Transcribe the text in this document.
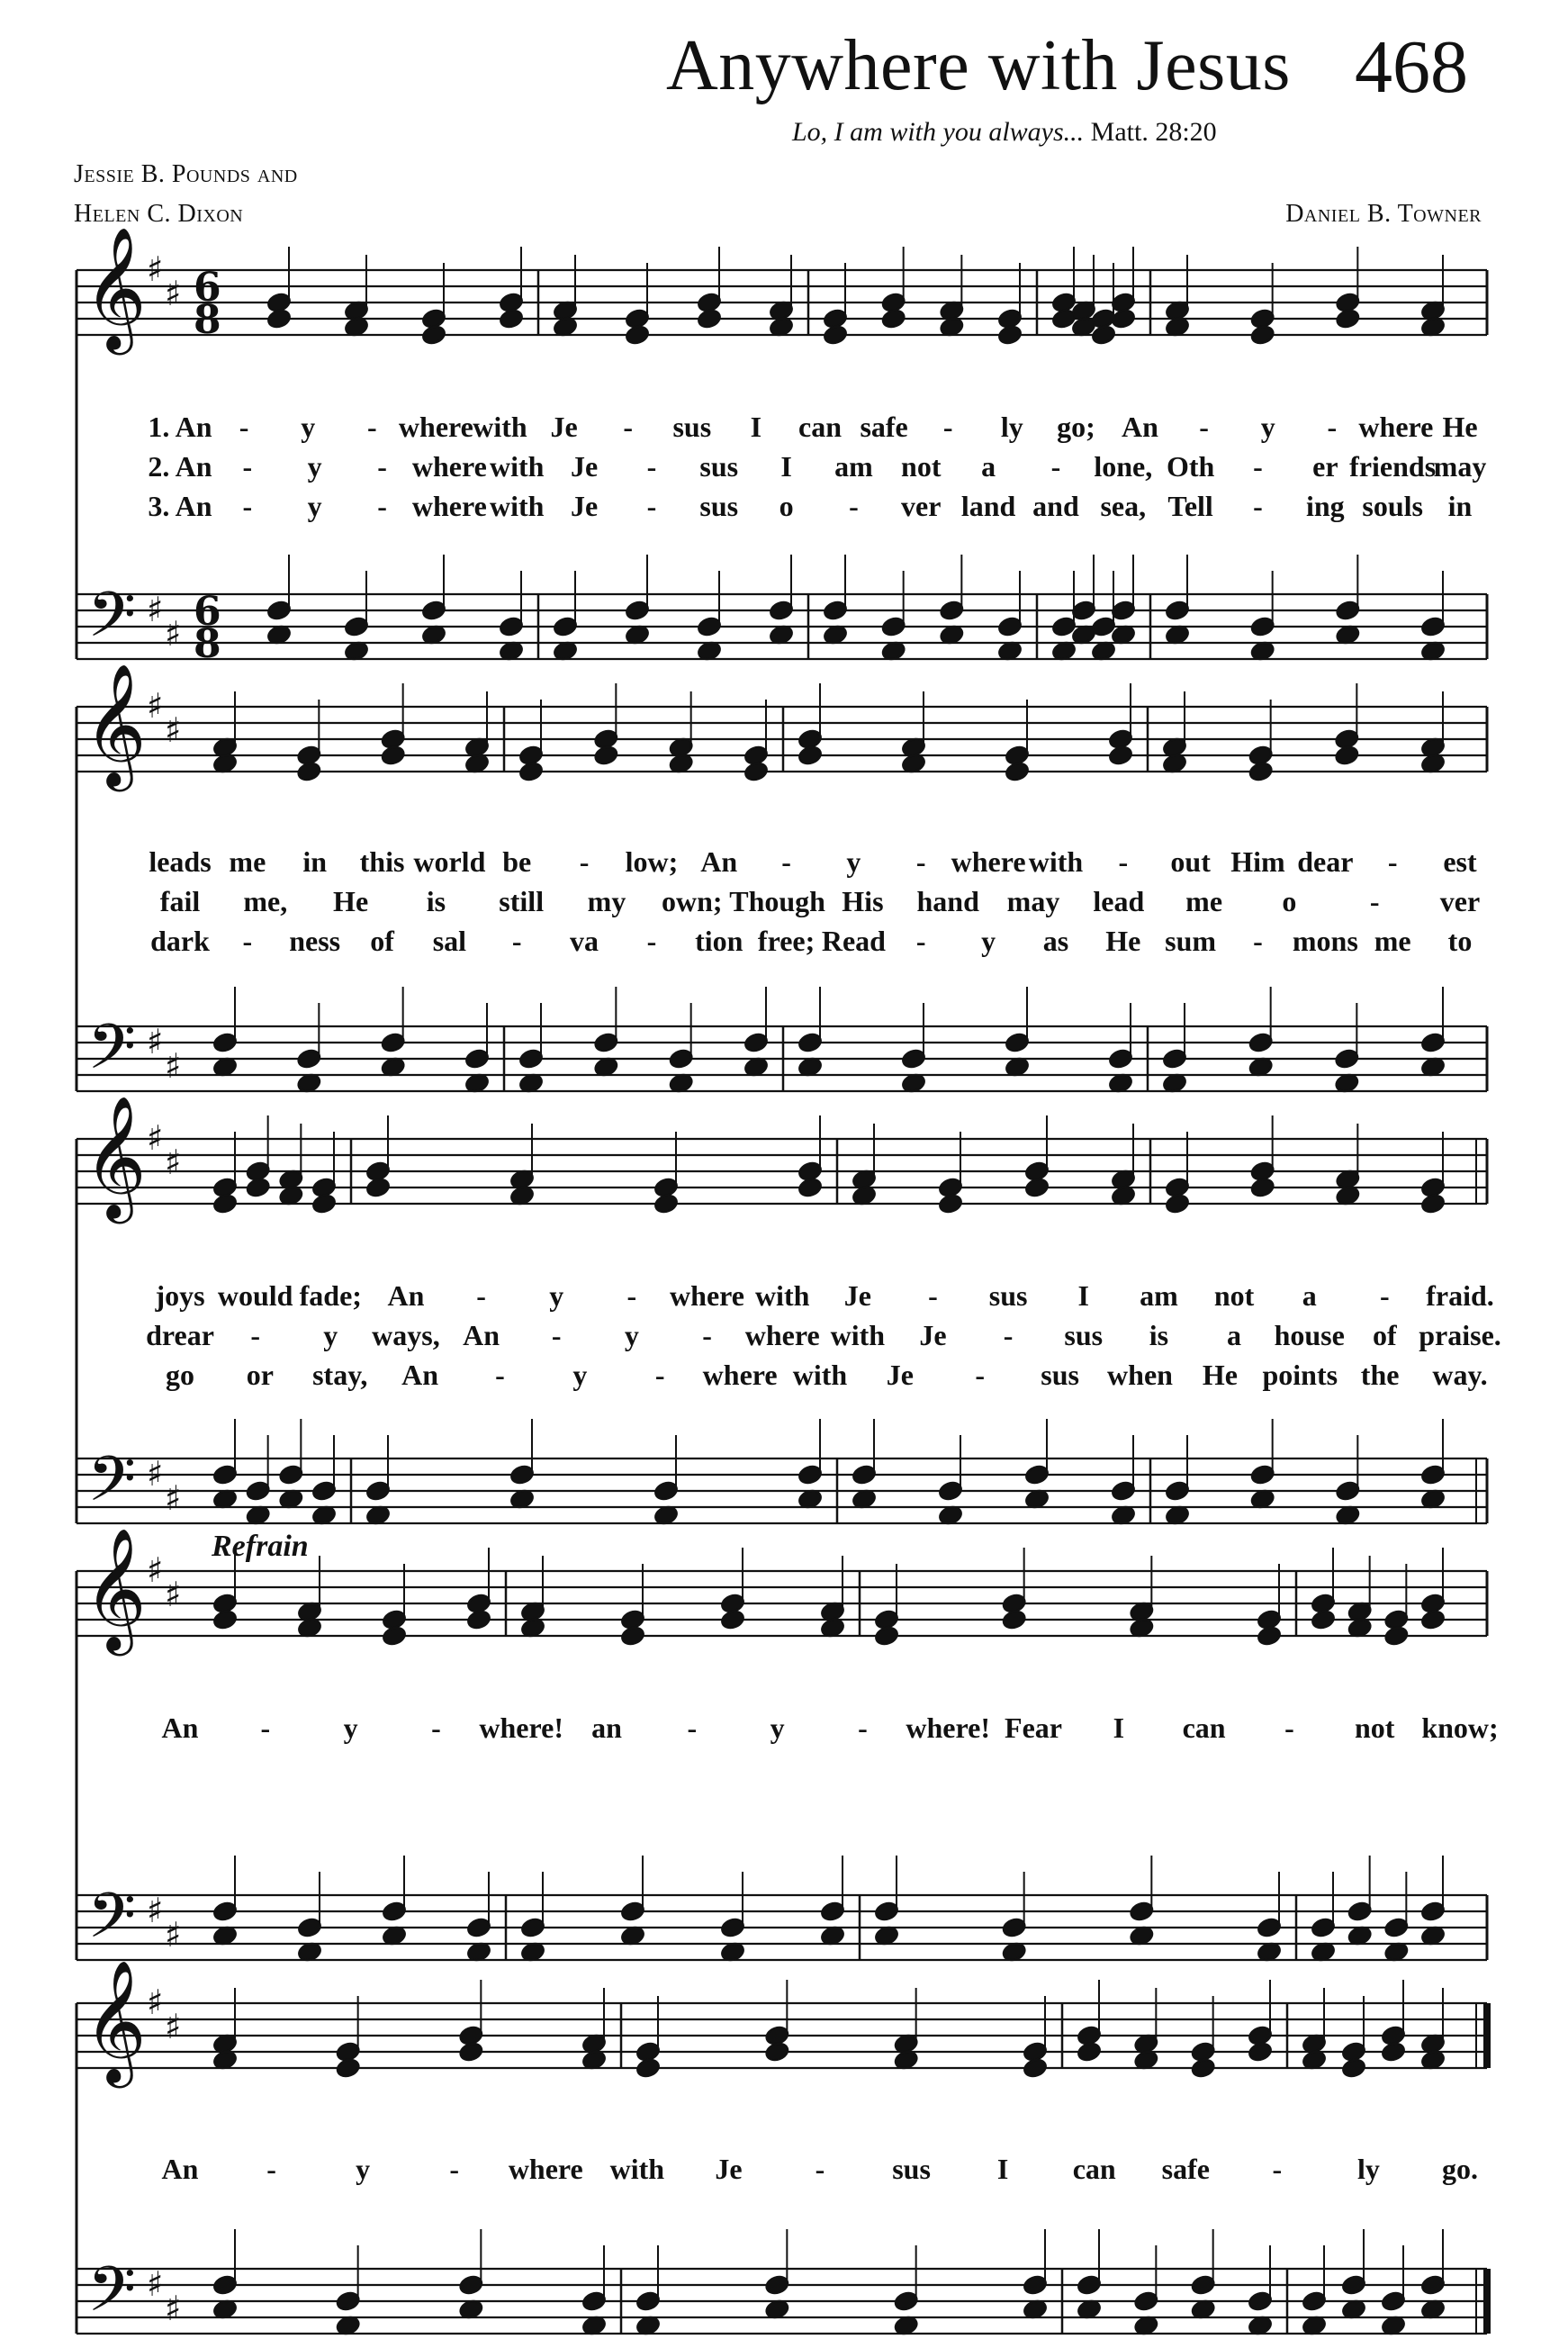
Anywhere with Jesus 468
Lo, I am with you always... Matt. 28:20
Jessie B. Pounds and
Helen C. Dixon	Daniel B. Towner
𝄞
𝄢
♯
♯
♯
♯
6
8
6
8
1. An - y - where with Je - sus I can safe - ly go; An - y - where He
2. An - y - where with Je - sus I am not a - lone, Oth - er friends
may
3. An - y - where with Je - sus o - ver land and sea, Tell - ing souls in
𝄞
𝄢
♯
♯
♯
♯
leads me in this world be - low; An - y - where with - out Him dear - est
fail me, He is still my own; Though His hand may lead me o	- ver
dark - ness of sal - va - tion free; Read - y as He sum - mons me to
𝄞
𝄢
♯
♯
♯
♯
joys would fade; An - y - where with Je - sus I am not a - fraid.
drear - y ways, An - y - where with Je - sus is a house of praise.
go or stay, An - y - where with Je - sus when He points the way.
𝄞
𝄢
♯
♯
♯
♯
An -	y	- where! an -	y	- where! Fear I can - not know;
𝄞
𝄢
♯
♯
♯
♯
An -	y	- where with Je	- sus I can safe -	ly go.
Refrain
